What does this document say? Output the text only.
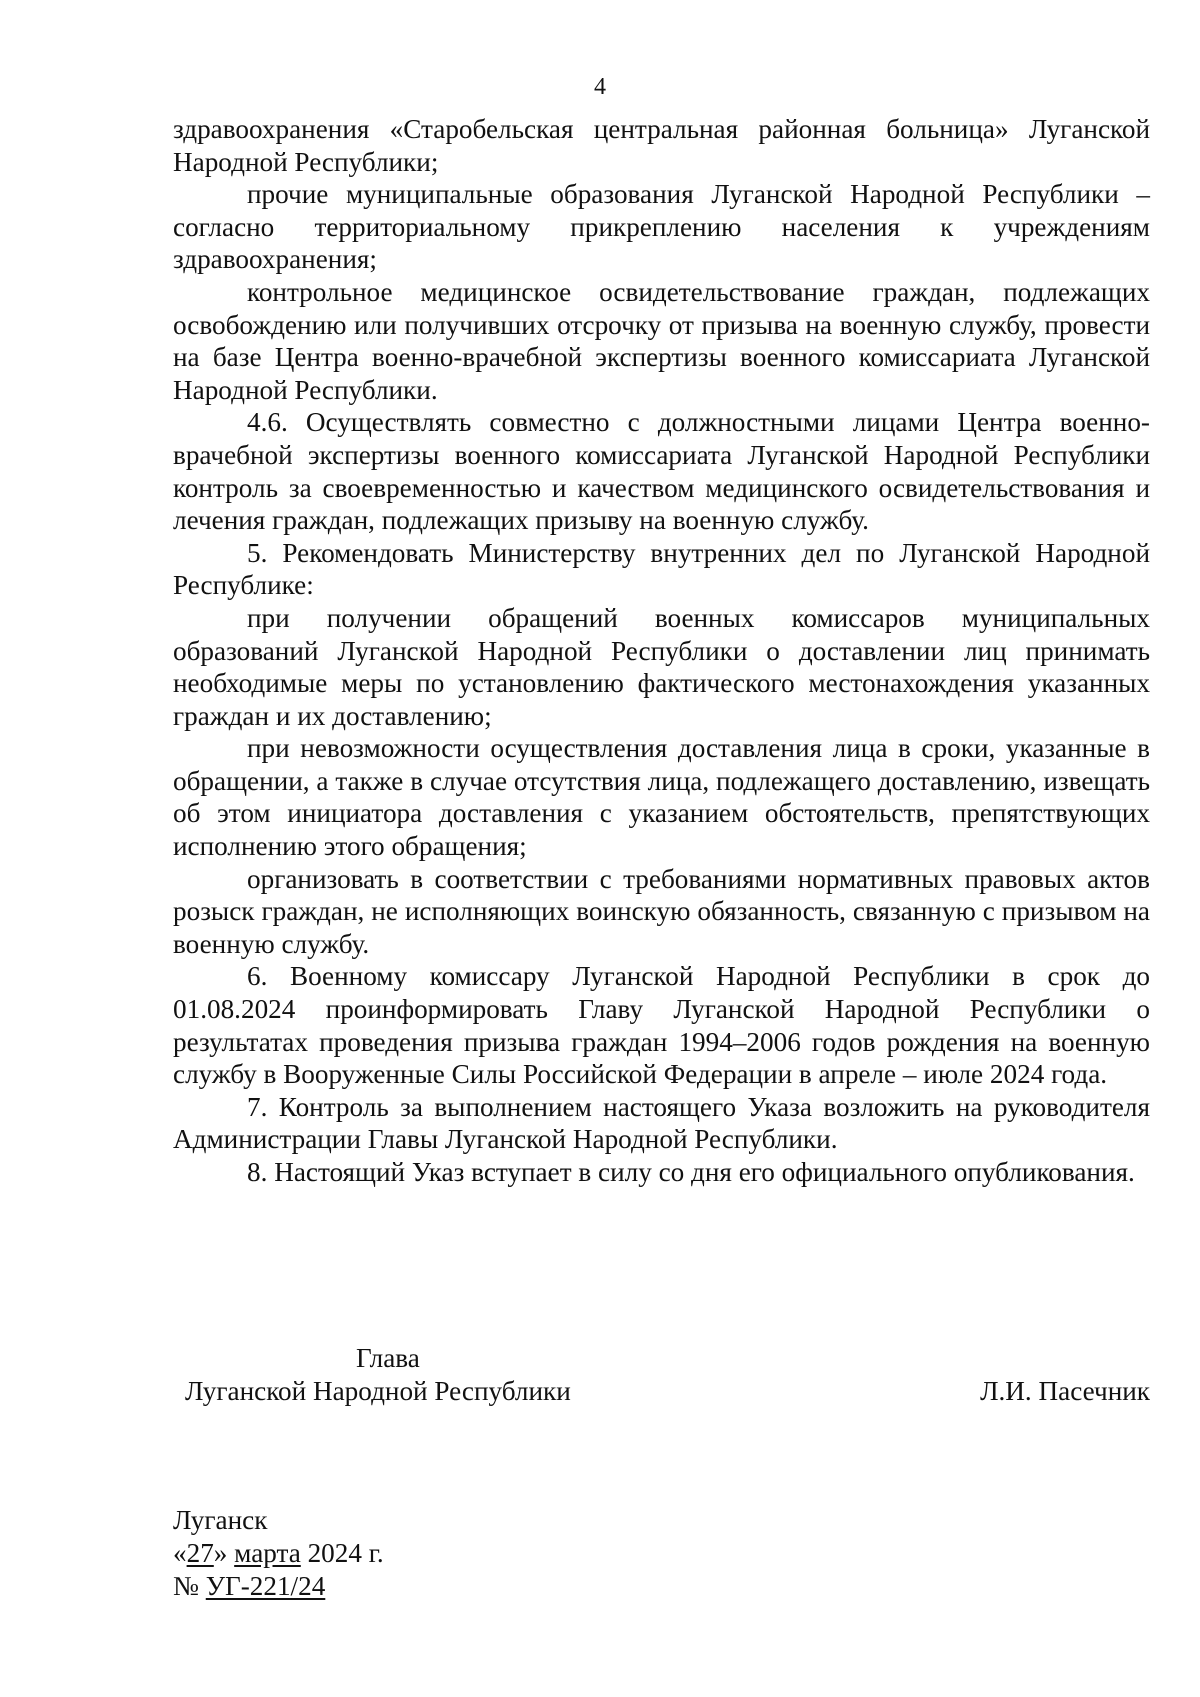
4

здравоохранения «Старобельская центральная районная больница» Луганской Народной Республики;

прочие муниципальные образования Луганской Народной Республики – согласно территориальному прикреплению населения к учреждениям здравоохранения;

контрольное медицинское освидетельствование граждан, подлежащих освобождению или получивших отсрочку от призыва на военную службу, провести на базе Центра военно-врачебной экспертизы военного комиссариата Луганской Народной Республики.

4.6. Осуществлять совместно с должностными лицами Центра военно-врачебной экспертизы военного комиссариата Луганской Народной Республики контроль за своевременностью и качеством медицинского освидетельствования и лечения граждан, подлежащих призыву на военную службу.

5. Рекомендовать Министерству внутренних дел по Луганской Народной Республике:

при получении обращений военных комиссаров муниципальных образований Луганской Народной Республики о доставлении лиц принимать необходимые меры по установлению фактического местонахождения указанных граждан и их доставлению;

при невозможности осуществления доставления лица в сроки, указанные в обращении, а также в случае отсутствия лица, подлежащего доставлению, извещать об этом инициатора доставления с указанием обстоятельств, препятствующих исполнению этого обращения;

организовать в соответствии с требованиями нормативных правовых актов розыск граждан, не исполняющих воинскую обязанность, связанную с призывом на военную службу.

6. Военному комиссару Луганской Народной Республики в срок до 01.08.2024 проинформировать Главу Луганской Народной Республики о результатах проведения призыва граждан 1994–2006 годов рождения на военную службу в Вооруженные Силы Российской Федерации в апреле – июле 2024 года.

7. Контроль за выполнением настоящего Указа возложить на руководителя Администрации Главы Луганской Народной Республики.

8. Настоящий Указ вступает в силу со дня его официального опубликования.

Глава
Луганской Народной Республики	Л.И. Пасечник
Луганск
«27» марта 2024 г.
№ УГ-221/24
